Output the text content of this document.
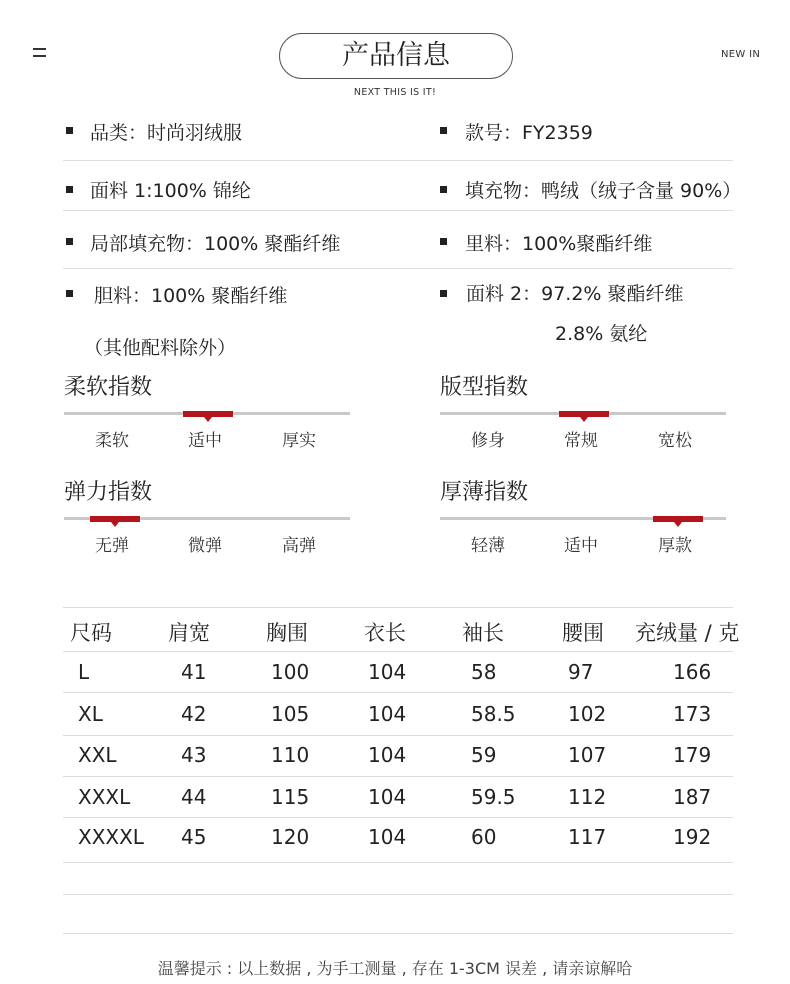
产品信息	NEW IN
NEXT THIS IS IT!
品类：时尚羽绒服	款号：FY2359
面料 1:100% 锦纶	填充物：鸭绒（绒子含量 90%）
局部填充物：100% 聚酯纤维	里料：100%聚酯纤维
胆料：100% 聚酯纤维	面料 2：97.2% 聚酯纤维
2.8% 氨纶
（其他配料除外）
柔软指数
柔软	适中	厚实
版型指数
修身	常规	宽松
弹力指数
无弹	微弹	高弹
厚薄指数
轻薄	适中	厚款
尺码	肩宽	胸围	衣长	袖长	腰围 充绒量 / 克
L	41	100	104	58	97	166
XL	42	105	104	58.5	102	173
XXL	43	110	104	59	107	179
XXXL	44	115	104	59.5	112	187
XXXXL 45	120	104	60	117	192
温馨提示 : 以上数据 , 为手工测量 , 存在 1-3CM 误差 , 请亲谅解哈
